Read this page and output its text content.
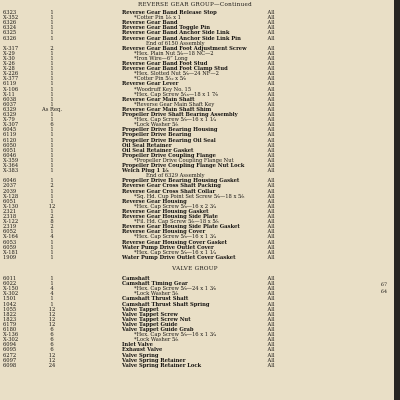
REVERSE GEAR GROUP—Continued
6323	1	Reverse Gear Band Release Stop	All
X-352	1	*Cotter Pin 1⁄₈ x 1	All
6326	1	Reverse Gear Band	All
6324	1	Reverse Gear Band Toggle Pin	All
6325	1	Reverse Gear Band Anchor Side Link	All
6326	1	Reverse Gear Band Anchor Side Link Pin	All
End of 6150 Assembly
X-317	2	Reverse Gear Band Foot Adjustment Screw	All
X-29	1	*Hex. Plain Nut 5⁄₈—18 NC—2	All
X-30	1	*Iron Wire—6” Long	All
X-26	1	Reverse Gear Band Foot Stud	All
X-28	1	Reverse Gear Band Foot Clamp Stud	All
X-226	1	*Hex. Slotted Nut 5⁄₈—24 NF—2	All
X-377	1	*Cotter Pin 5⁄₃₂ x 5⁄₈	All
6119	1	Reverse Gear Lever	All
X-106	1	*Woodruff Key No. 15	All
X-11	1	*Hex. Cap Screw 5⁄₁₆—18 x 1 7⁄₈	All
6038	1	Reverse Gear Main Shaft	All
6037	1	*Reverse Gear Main Shaft Key	All
6329	As Req.	Reverse Gear Main Shaft Shim	All
6329	1	Propeller Drive Shaft Bearing Assembly	All
X-79	1	*Hex. Cap Screw 5⁄₈—16 x 1 1⁄₄	All
X-307	6	*Lock Washer 5⁄₈	All
6045	1	Propeller Drive Bearing Housing	All
6119	1	Propeller Drive Bearing	All
6120	1	Propeller Drive Bearing Oil Seal	All
6050	1	Oil Seal Retainer	All
6051	1	Oil Seal Retainer Gasket	All
6046	1	Propeller Drive Coupling Flange	All
X-359	1	*Propeller Drive Coupling Flange Nut	All
X-364	1	Propeller Drive Coupling Flange Nut Lock	All
X-383	1	Welch Plug 1 1⁄₈	All
End of 6329 Assembly
6046	1	Propeller Drive Bearing Housing Gasket	All
2037	2	Reverse Gear Cross Shaft Packing	All
2039	1	Reverse Gear Cross Shaft Collar	All
X-128	1	*Sq. Hd. Cup Point Set Screw 5⁄₈—18 x 5⁄₈	All
6051	1	Reverse Gear Housing	All
X-130	12	*Hex. Cap Screw 5⁄₈—16 x 2 3⁄₄	All
2321	1	Reverse Gear Housing Gasket	All
2318	2	Reverse Gear Housing Side Plate	All
X-122	8	*Fil. Hd. Cap Screw 5⁄₈—18 x 5⁄₈	All
2319	2	Reverse Gear Housing Side Plate Gasket	All
6052	1	Reverse Gear Housing Cover	All
X-164	4	*Hex. Cap Screw 5⁄₈—16 x 1 3⁄₄	All
6053	1	Reverse Gear Housing Cover Gasket	All
6059	1	Water Pump Drive Outlet Cover	All
X-181	1	*Hex. Cap Screw 5⁄₈—16 x 1 1⁄₄	All
1909	1	Water Pump Drive Outlet Cover Gasket	All
VALVE GROUP
6011	1	Camshaft	All
6022	1	Camshaft Timing Gear	All
X-150	4	*Hex. Cap Screw 5⁄₈—24 x 1 3⁄₈	All
X-302	4	*Lock Washer 5⁄₈	All
1501	1	Camshaft Thrust Shaft	All
1042	1	Camshaft Thrust Shaft Spring	All
1055	12	Valve Tappet	All
1822	12	Valve Tappet Screw	All
1823	12	Valve Tappet Screw Nut	All
6179	12	Valve Tappet Guide	All
6180	6	Valve Tappet Guide Grab	All
X-136	6	*Hex. Cap Screw 5⁄₈—16 x 1 3⁄₄	All
X-302	6	*Lock Washer 5⁄₈	All
6094	6	Inlet Valve	All
6095	6	Exhaust Valve	All
6272	12	Valve Spring	All
6097	12	Valve Spring Retainer	All
6098	24	Valve Spring Retainer Lock	All
67
64
